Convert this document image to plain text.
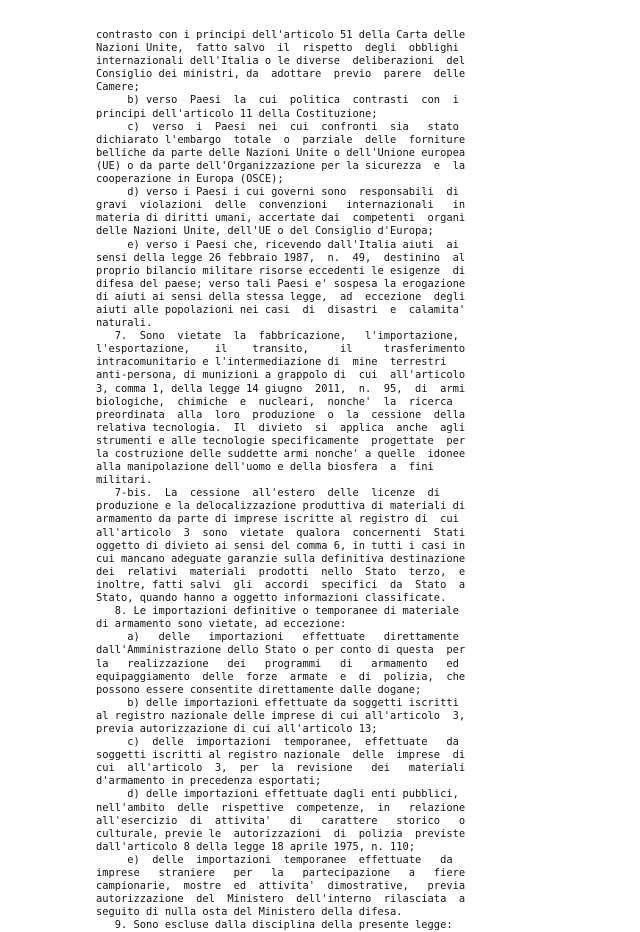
contrasto con i principi dell'articolo 51 della Carta delle
Nazioni Unite,  fatto salvo  il  rispetto  degli  obblighi
internazionali dell'Italia o le diverse  deliberazioni  del
Consiglio dei ministri, da  adottare  previo  parere  delle
Camere;
b) verso  Paesi  la  cui  politica  contrasti  con  i
principi dell'articolo 11 della Costituzione;
c)  verso  i  Paesi  nei  cui  confronti  sia   stato
dichiarato l'embargo  totale  o  parziale  delle  forniture
belliche da parte delle Nazioni Unite o dell'Unione europea
(UE) o da parte dell'Organizzazione per la sicurezza  e  la
cooperazione in Europa (OSCE);
d) verso i Paesi i cui governi sono  responsabili  di
gravi  violazioni  delle  convenzioni   internazionali   in
materia di diritti umani, accertate dai  competenti  organi
delle Nazioni Unite, dell'UE o del Consiglio d'Europa;
e) verso i Paesi che, ricevendo dall'Italia aiuti  ai
sensi della legge 26 febbraio 1987,  n.  49,  destinino  al
proprio bilancio militare risorse eccedenti le esigenze  di
difesa del paese; verso tali Paesi e' sospesa la erogazione
di aiuti ai sensi della stessa legge,  ad  eccezione  degli
aiuti alle popolazioni nei casi  di  disastri  e  calamita'
naturali.
7.  Sono  vietate  la  fabbricazione,   l'importazione,
l'esportazione,    il    transito,     il     trasferimento
intracomunitario e l'intermediazione di  mine  terrestri
anti-persona, di munizioni a grappolo di  cui  all'articolo
3, comma 1, della legge 14 giugno  2011,  n.  95,  di  armi
biologiche,  chimiche  e  nucleari,  nonche'  la  ricerca
preordinata  alla  loro  produzione  o  la  cessione  della
relativa tecnologia.  Il  divieto  si  applica  anche  agli
strumenti e alle tecnologie specificamente  progettate  per
la costruzione delle suddette armi nonche' a quelle  idonee
alla manipolazione dell'uomo e della biosfera  a  fini
militari.
7-bis.  La  cessione  all'estero  delle  licenze  di
produzione e la delocalizzazione produttiva di materiali di
armamento da parte di imprese iscritte al registro di  cui
all'articolo  3  sono  vietate  qualora  concernenti  Stati
oggetto di divieto ai sensi del comma 6, in tutti i casi in
cui mancano adeguate garanzie sulla definitiva destinazione
dei  relativi  materiali  prodotti  nello  Stato  terzo,  e
inoltre, fatti salvi  gli  accordi  specifici  da  Stato  a
Stato, quando hanno a oggetto informazioni classificate.
8. Le importazioni definitive o temporanee di materiale
di armamento sono vietate, ad eccezione:
a)   delle   importazioni   effettuate   direttamente
dall'Amministrazione dello Stato o per conto di questa  per
la   realizzazione   dei   programmi   di   armamento   ed
equipaggiamento  delle  forze  armate  e  di  polizia,  che
possono essere consentite direttamente dalle dogane;
b) delle importazioni effettuate da soggetti iscritti
al registro nazionale delle imprese di cui all'articolo  3,
previa autorizzazione di cui all'articolo 13;
c)  delle  importazioni  temporanee,  effettuate   da
soggetti iscritti al registro nazionale  delle  imprese  di
cui  all'articolo  3,  per  la  revisione   dei   materiali
d'armamento in precedenza esportati;
d) delle importazioni effettuate dagli enti pubblici,
nell'ambito  delle  rispettive  competenze,  in   relazione
all'esercizio  di  attivita'   di   carattere   storico   o
culturale, previe le  autorizzazioni  di  polizia  previste
dall'articolo 8 della legge 18 aprile 1975, n. 110;
e)  delle  importazioni  temporanee  effettuate   da
imprese   straniere   per   la   partecipazione   a   fiere
campionarie,  mostre  ed  attivita'  dimostrative,   previa
autorizzazione  del  Ministero  dell'interno  rilasciata  a
seguito di nulla osta del Ministero della difesa.
9. Sono escluse dalla disciplina della presente legge:
